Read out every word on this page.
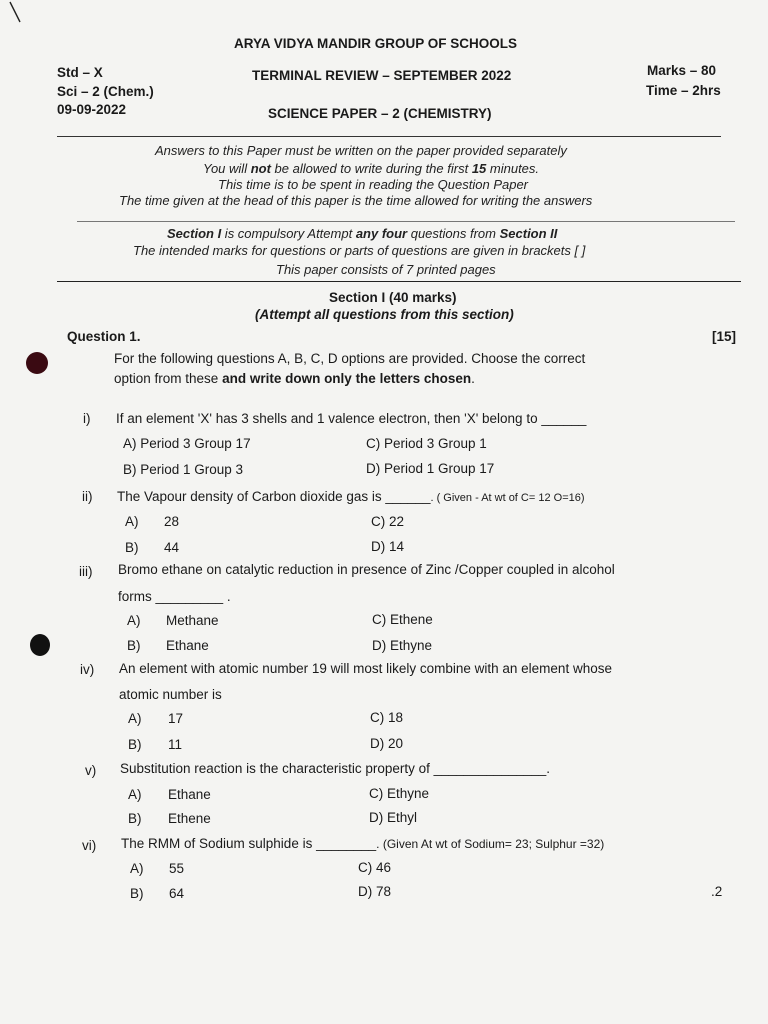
ARYA VIDYA MANDIR GROUP OF SCHOOLS
Std – X
Sci – 2 (Chem.)
09-09-2022
TERMINAL REVIEW – SEPTEMBER 2022
SCIENCE PAPER – 2 (CHEMISTRY)
Marks – 80
Time – 2hrs
Answers to this Paper must be written on the paper provided separately
You will not be allowed to write during the first 15 minutes.
This time is to be spent in reading the Question Paper
The time given at the head of this paper is the time allowed for writing the answers
Section I is compulsory Attempt any four questions from Section II
The intended marks for questions or parts of questions are given in brackets [ ]
This paper consists of 7 printed pages
Section I (40 marks)
(Attempt all questions from this section)
Question 1.	[15]
For the following questions A, B, C, D options are provided. Choose the correct
option from these and write down only the letters chosen.
i) If an element 'X' has 3 shells and 1 valence electron, then 'X' belong to ______
A) Period 3 Group 17
B) Period 1 Group 3
C) Period 3 Group 1
D) Period 1 Group 17
ii) The Vapour density of Carbon dioxide gas is ______. ( Given - At wt of C= 12 O=16)
A) 28
B) 44
C) 22
D) 14
iii) Bromo ethane on catalytic reduction in presence of Zinc /Copper coupled in alcohol
forms _________ .
A) Methane
B) Ethane
C) Ethene
D) Ethyne
iv) An element with atomic number 19 will most likely combine with an element whose
atomic number is
A) 17
B) 11
C) 18
D) 20
v) Substitution reaction is the characteristic property of _______________.
A) Ethane
B) Ethene
C) Ethyne
D) Ethyl
vi) The RMM of Sodium sulphide is ________. (Given At wt of Sodium= 23; Sulphur =32)
A) 55
B) 64
C) 46
D) 78	.2
